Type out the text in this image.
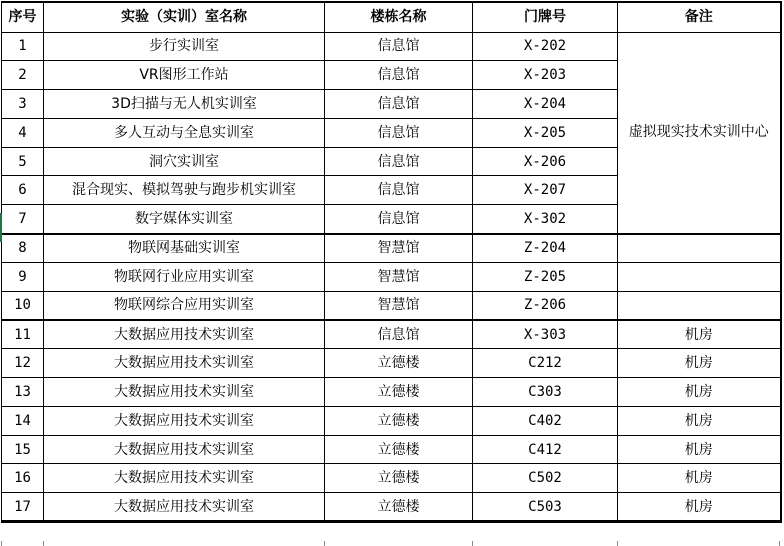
序号	实验（实训）室名称	楼栋名称	门牌号	备注
1	步行实训室	信息馆	X-202	虚拟现实技术实训中心
2	VR图形工作站	信息馆	X-203	
3	3D扫描与无人机实训室	信息馆	X-204	
4	多人互动与全息实训室	信息馆	X-205	
5	洞穴实训室	信息馆	X-206	
6	混合现实、模拟驾驶与跑步机实训室	信息馆	X-207	
7	数字媒体实训室	信息馆	X-302	
8	物联网基础实训室	智慧馆	Z-204	
9	物联网行业应用实训室	智慧馆	Z-205	
10	物联网综合应用实训室	智慧馆	Z-206	
11	大数据应用技术实训室	信息馆	X-303	机房
12	大数据应用技术实训室	立德楼	C212	机房
13	大数据应用技术实训室	立德楼	C303	机房
14	大数据应用技术实训室	立德楼	C402	机房
15	大数据应用技术实训室	立德楼	C412	机房
16	大数据应用技术实训室	立德楼	C502	机房
17	大数据应用技术实训室	立德楼	C503	机房
